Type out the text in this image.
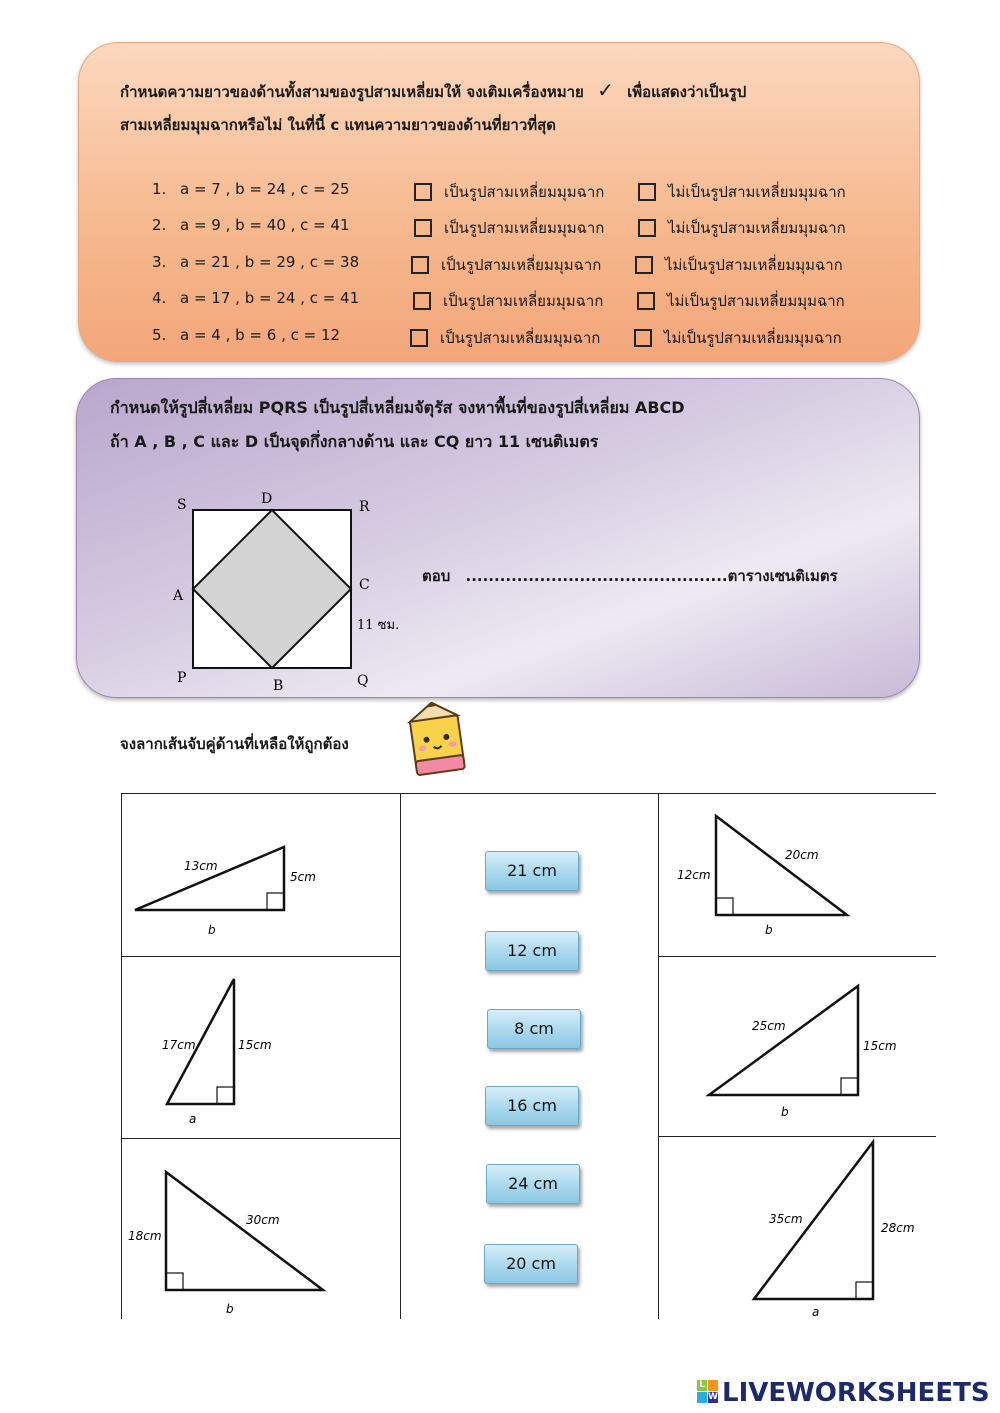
กำหนดความยาวของด้านทั้งสามของรูปสามเหลี่ยมให้ จงเติมเครื่องหมาย ✓ เพื่อแสดงว่าเป็นรูป
สามเหลี่ยมมุมฉากหรือไม่ ในที่นี้ c แทนความยาวของด้านที่ยาวที่สุด
1. a = 7 , b = 24 , c = 25	เป็นรูปสามเหลี่ยมมุมฉาก	ไม่เป็นรูปสามเหลี่ยมมุมฉาก
2. a = 9 , b = 40 , c = 41	เป็นรูปสามเหลี่ยมมุมฉาก	ไม่เป็นรูปสามเหลี่ยมมุมฉาก
3. a = 21 , b = 29 , c = 38	เป็นรูปสามเหลี่ยมมุมฉาก	ไม่เป็นรูปสามเหลี่ยมมุมฉาก
4. a = 17 , b = 24 , c = 41	เป็นรูปสามเหลี่ยมมุมฉาก	ไม่เป็นรูปสามเหลี่ยมมุมฉาก
5. a = 4 , b = 6 , c = 12	เป็นรูปสามเหลี่ยมมุมฉาก	ไม่เป็นรูปสามเหลี่ยมมุมฉาก
กำหนดให้รูปสี่เหลี่ยม PQRS เป็นรูปสี่เหลี่ยมจัตุรัส จงหาพื้นที่ของรูปสี่เหลี่ยม ABCD
ถ้า A , B , C และ D เป็นจุดกึ่งกลางด้าน และ CQ ยาว 11 เซนติเมตร
S	D	R
A
C
11 ซม.
P	B	Q
ตอบ ..............................................ตารางเซนติเมตร
จงลากเส้นจับคู่ด้านที่เหลือให้ถูกต้อง
13cm
5cm
b
17cm	15cm
a
30cm
18cm
b
21 cm
12 cm
8 cm
16 cm
24 cm
20 cm
20cm
12cm
b
25cm
15cm
b
35cm
28cm
a
L
W LIVEWORKSHEETS
